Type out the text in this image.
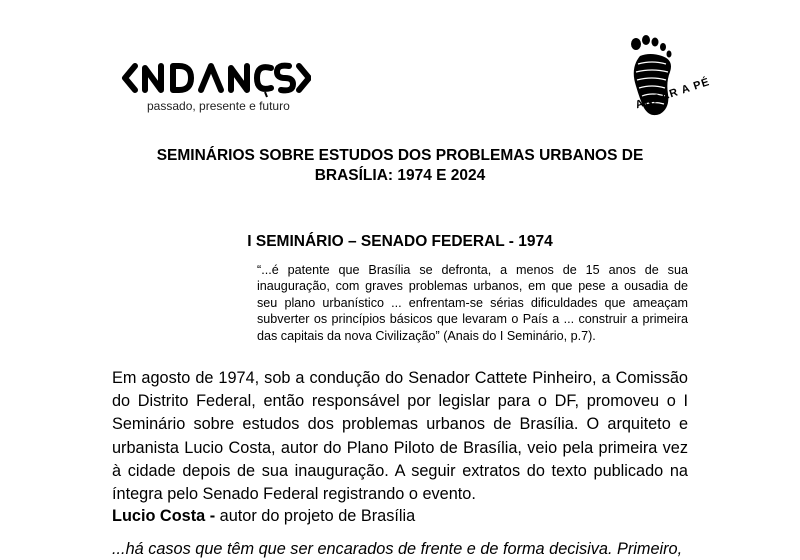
passado, presente e futuro	ANDAR A PÉ
SEMINÁRIOS SOBRE ESTUDOS DOS PROBLEMAS URBANOS DE
BRASÍLIA: 1974 E 2024
I SEMINÁRIO – SENADO FEDERAL - 1974
“...é patente que Brasília se defronta, a menos de 15 anos de sua inauguração, com graves problemas urbanos, em que pese a ousadia de seu plano urbanístico ... enfrentam-se sérias dificuldades que ameaçam subverter os princípios básicos que levaram o País a ... construir a primeira das capitais da nova Civilização” (Anais do I Seminário, p.7).
Em agosto de 1974, sob a condução do Senador Cattete Pinheiro, a Comissão do Distrito Federal, então responsável por legislar para o DF, promoveu o I Seminário sobre estudos dos problemas urbanos de Brasília. O arquiteto e urbanista Lucio Costa, autor do Plano Piloto de Brasília, veio pela primeira vez à cidade depois de sua inauguração. A seguir extratos do texto publicado na íntegra pelo Senado Federal registrando o evento.
Lucio Costa - autor do projeto de Brasília
...há casos que têm que ser encarados de frente e de forma decisiva. Primeiro,
